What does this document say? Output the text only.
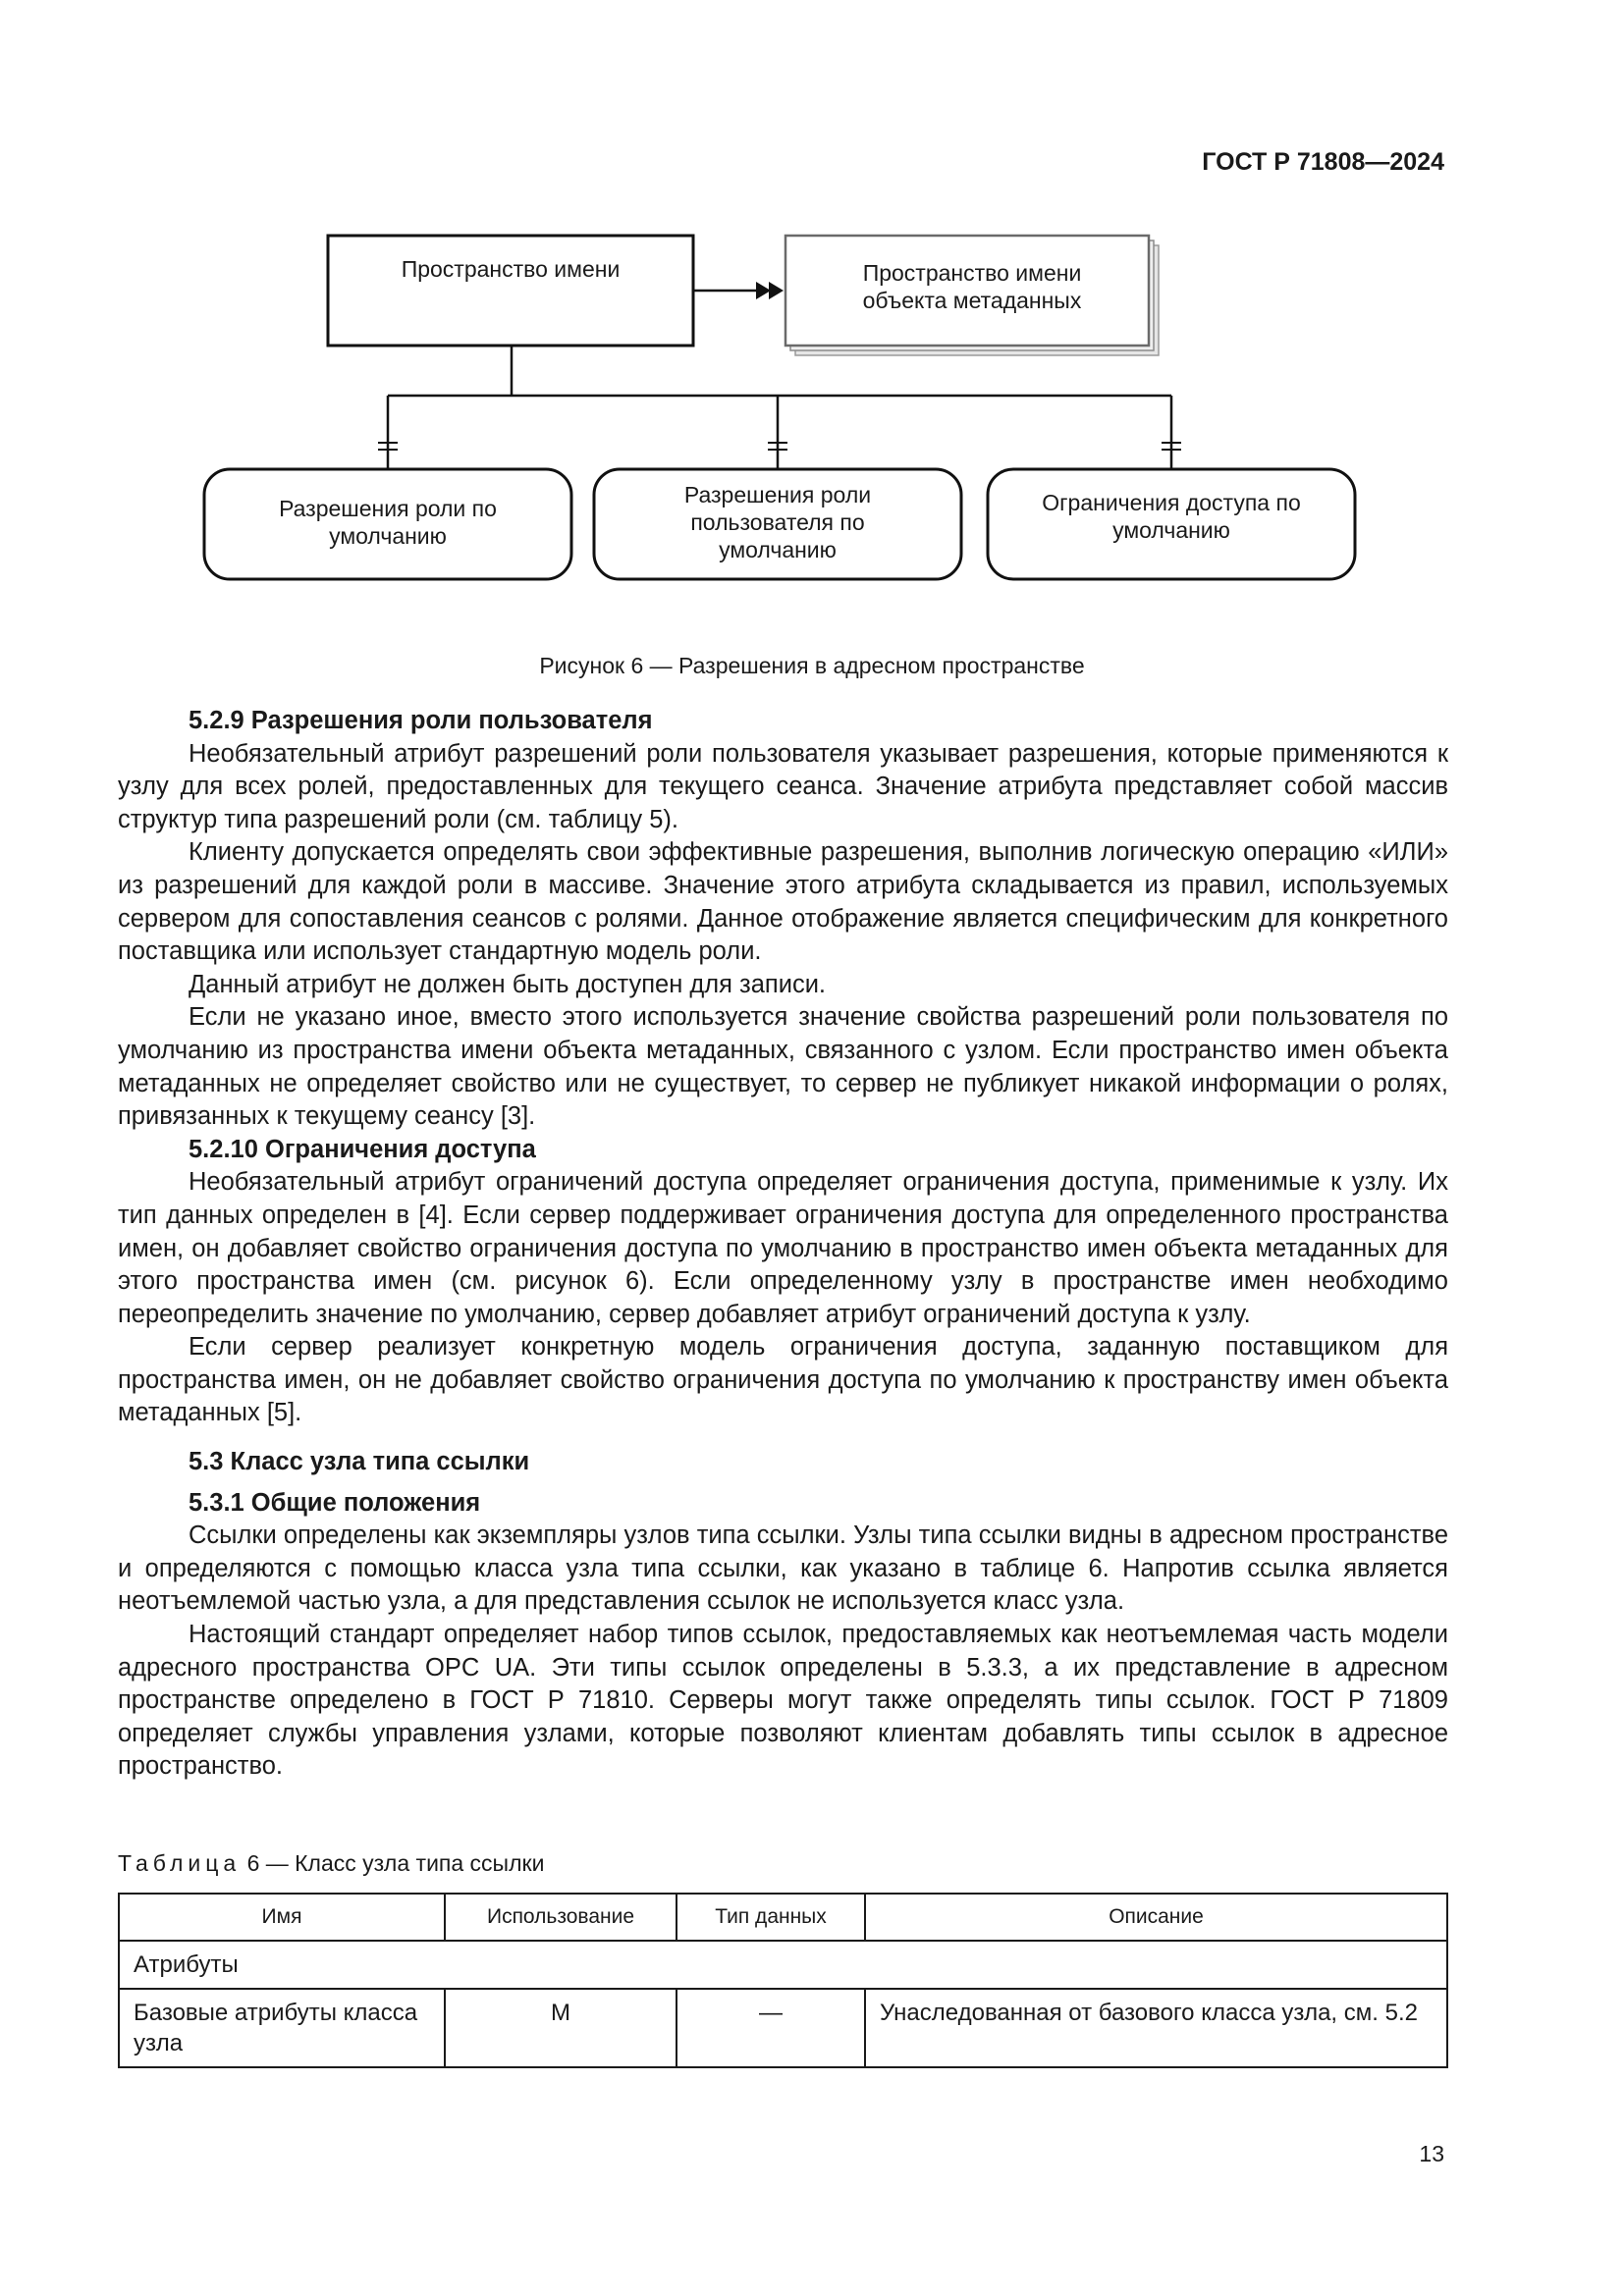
ГОСТ Р 71808—2024
Пространство имени	Пространство имени объекта метаданных
Разрешения роли по умолчанию
Разрешения роли пользователя по умолчанию
Ограничения доступа по умолчанию
Рисунок 6 — Разрешения в адресном пространстве
5.2.9 Разрешения роли пользователя

Необязательный атрибут разрешений роли пользователя указывает разрешения, которые применяются к узлу для всех ролей, предоставленных для текущего сеанса. Значение атрибута представляет собой массив структур типа разрешений роли (см. таблицу 5).

Клиенту допускается определять свои эффективные разрешения, выполнив логическую операцию «ИЛИ» из разрешений для каждой роли в массиве. Значение этого атрибута складывается из правил, используемых сервером для сопоставления сеансов с ролями. Данное отображение является специфическим для конкретного поставщика или использует стандартную модель роли.

Данный атрибут не должен быть доступен для записи.

Если не указано иное, вместо этого используется значение свойства разрешений роли пользователя по умолчанию из пространства имени объекта метаданных, связанного с узлом. Если пространство имен объекта метаданных не определяет свойство или не существует, то сервер не публикует никакой информации о ролях, привязанных к текущему сеансу [3].

5.2.10 Ограничения доступа

Необязательный атрибут ограничений доступа определяет ограничения доступа, применимые к узлу. Их тип данных определен в [4]. Если сервер поддерживает ограничения доступа для определенного пространства имен, он добавляет свойство ограничения доступа по умолчанию в пространство имен объекта метаданных для этого пространства имен (см. рисунок 6). Если определенному узлу в пространстве имен необходимо переопределить значение по умолчанию, сервер добавляет атрибут ограничений доступа к узлу.

Если сервер реализует конкретную модель ограничения доступа, заданную поставщиком для пространства имен, он не добавляет свойство ограничения доступа по умолчанию к пространству имен объекта метаданных [5].

5.3 Класс узла типа ссылки
5.3.1 Общие положения

Ссылки определены как экземпляры узлов типа ссылки. Узлы типа ссылки видны в адресном пространстве и определяются с помощью класса узла типа ссылки, как указано в таблице 6. Напротив ссылка является неотъемлемой частью узла, а для представления ссылок не используется класс узла.

Настоящий стандарт определяет набор типов ссылок, предоставляемых как неотъемлемая часть модели адресного пространства OPC UA. Эти типы ссылок определены в 5.3.3, а их представление в адресном пространстве определено в ГОСТ Р 71810. Серверы могут также определять типы ссылок. ГОСТ Р 71809 определяет службы управления узлами, которые позволяют клиентам добавлять типы ссылок в адресное пространство.

Таблица 6 — Класс узла типа ссылки
Имя	Использование	Тип данных	Описание
Атрибуты			
Базовые атрибуты класса узла	M	—	Унаследованная от базового класса узла, см. 5.2
13
